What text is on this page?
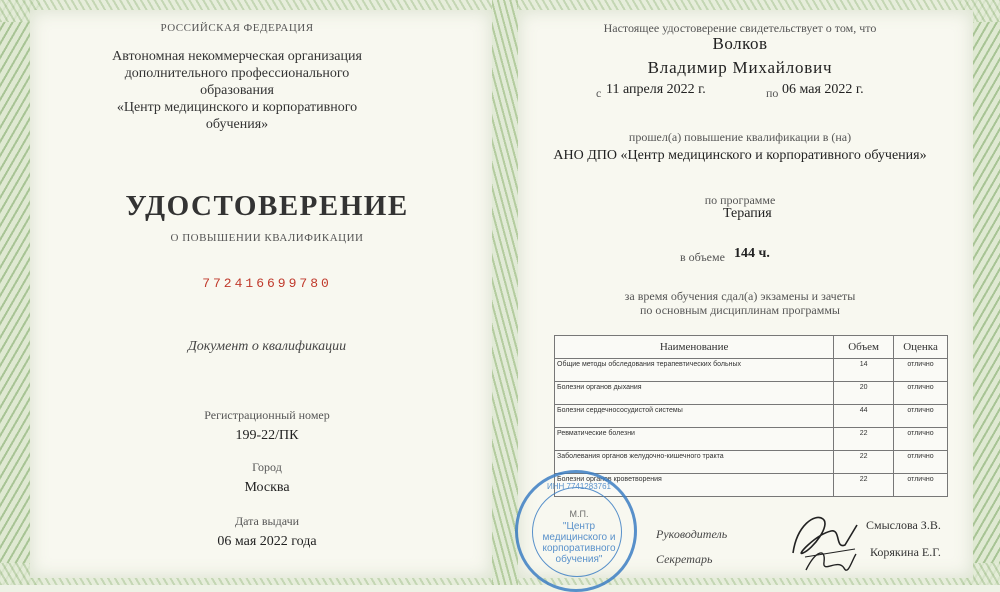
РОССИЙСКАЯ ФЕДЕРАЦИЯ
Автономная некоммерческая организация
дополнительного профессионального
образования
«Центр медицинского и корпоративного
обучения»
УДОСТОВЕРЕНИЕ
О ПОВЫШЕНИИ КВАЛИФИКАЦИИ
772416699780
Документ о квалификации
Регистрационный номер
199-22/ПК
Город
Москва
Дата выдачи
06 мая 2022 года
Настоящее удостоверение свидетельствует о том, что
Волков
Владимир Михайлович
с 11 апреля 2022 г.	по 06 мая 2022 г.
прошел(а) повышение квалификации в (на)
АНО ДПО «Центр медицинского и корпоративного обучения»
по программе
Терапия
в объеме 144 ч.
за время обучения сдал(а) экзамены и зачеты
по основным дисциплинам программы
Наименование	Объем	Оценка
Общие методы обследования терапевтических больных	14	отлично
Болезни органов дыхания	20	отлично
Болезни сердечнососудистой системы	44	отлично
Ревматические болезни	22	отлично
Заболевания органов желудочно-кишечного тракта	22	отлично
Болезни органов кроветворения	22	отлично
ИНН 7741283761
М.П.
"Центр
медицинского и
корпоративного
обучения"
Руководитель
Секретарь
Смыслова З.В.
Корякина Е.Г.
